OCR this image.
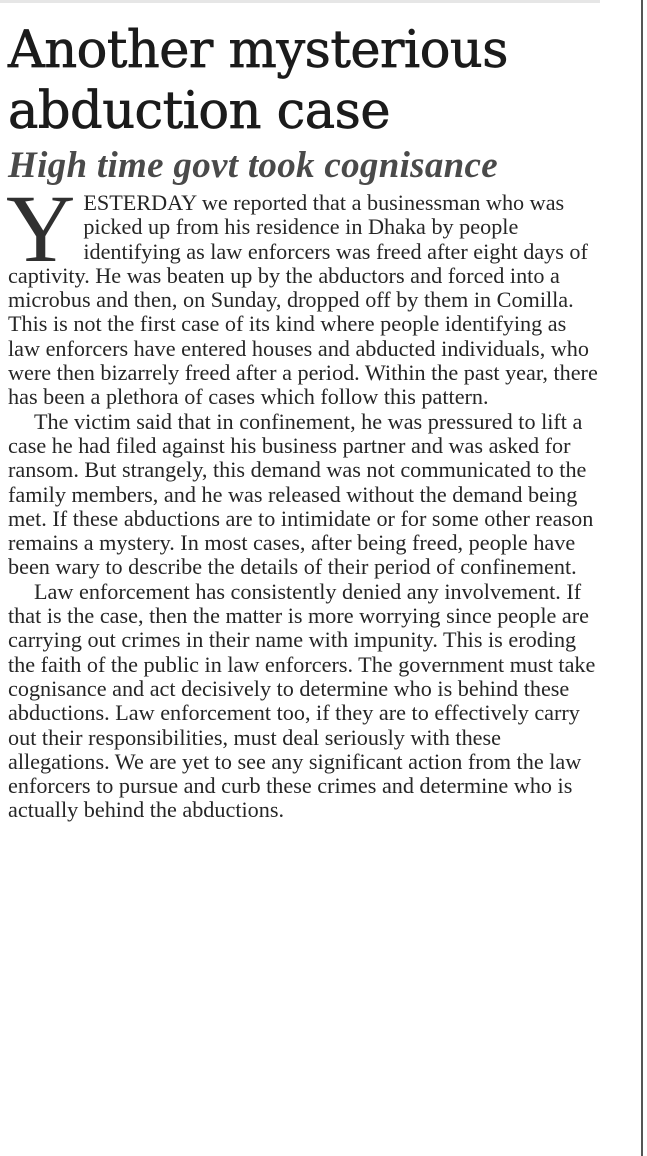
Another mysterious abduction case
High time govt took cognisance

YESTERDAY we reported that a businessman who was picked up from his residence in Dhaka by people identifying as law enforcers was freed after eight days of captivity. He was beaten up by the abductors and forced into a microbus and then, on Sunday, dropped off by them in Comilla. This is not the first case of its kind where people identifying as law enforcers have entered houses and abducted individuals, who were then bizarrely freed after a period. Within the past year, there has been a plethora of cases which follow this pattern.

The victim said that in confinement, he was pressured to lift a case he had filed against his business partner and was asked for ransom. But strangely, this demand was not communicated to the family members, and he was released without the demand being met. If these abductions are to intimidate or for some other reason remains a mystery. In most cases, after being freed, people have been wary to describe the details of their period of confinement.

Law enforcement has consistently denied any involvement. If that is the case, then the matter is more worrying since people are carrying out crimes in their name with impunity. This is eroding the faith of the public in law enforcers. The government must take cognisance and act decisively to determine who is behind these abductions. Law enforcement too, if they are to effectively carry out their responsibilities, must deal seriously with these allegations. We are yet to see any significant action from the law enforcers to pursue and curb these crimes and determine who is actually behind the abductions.
